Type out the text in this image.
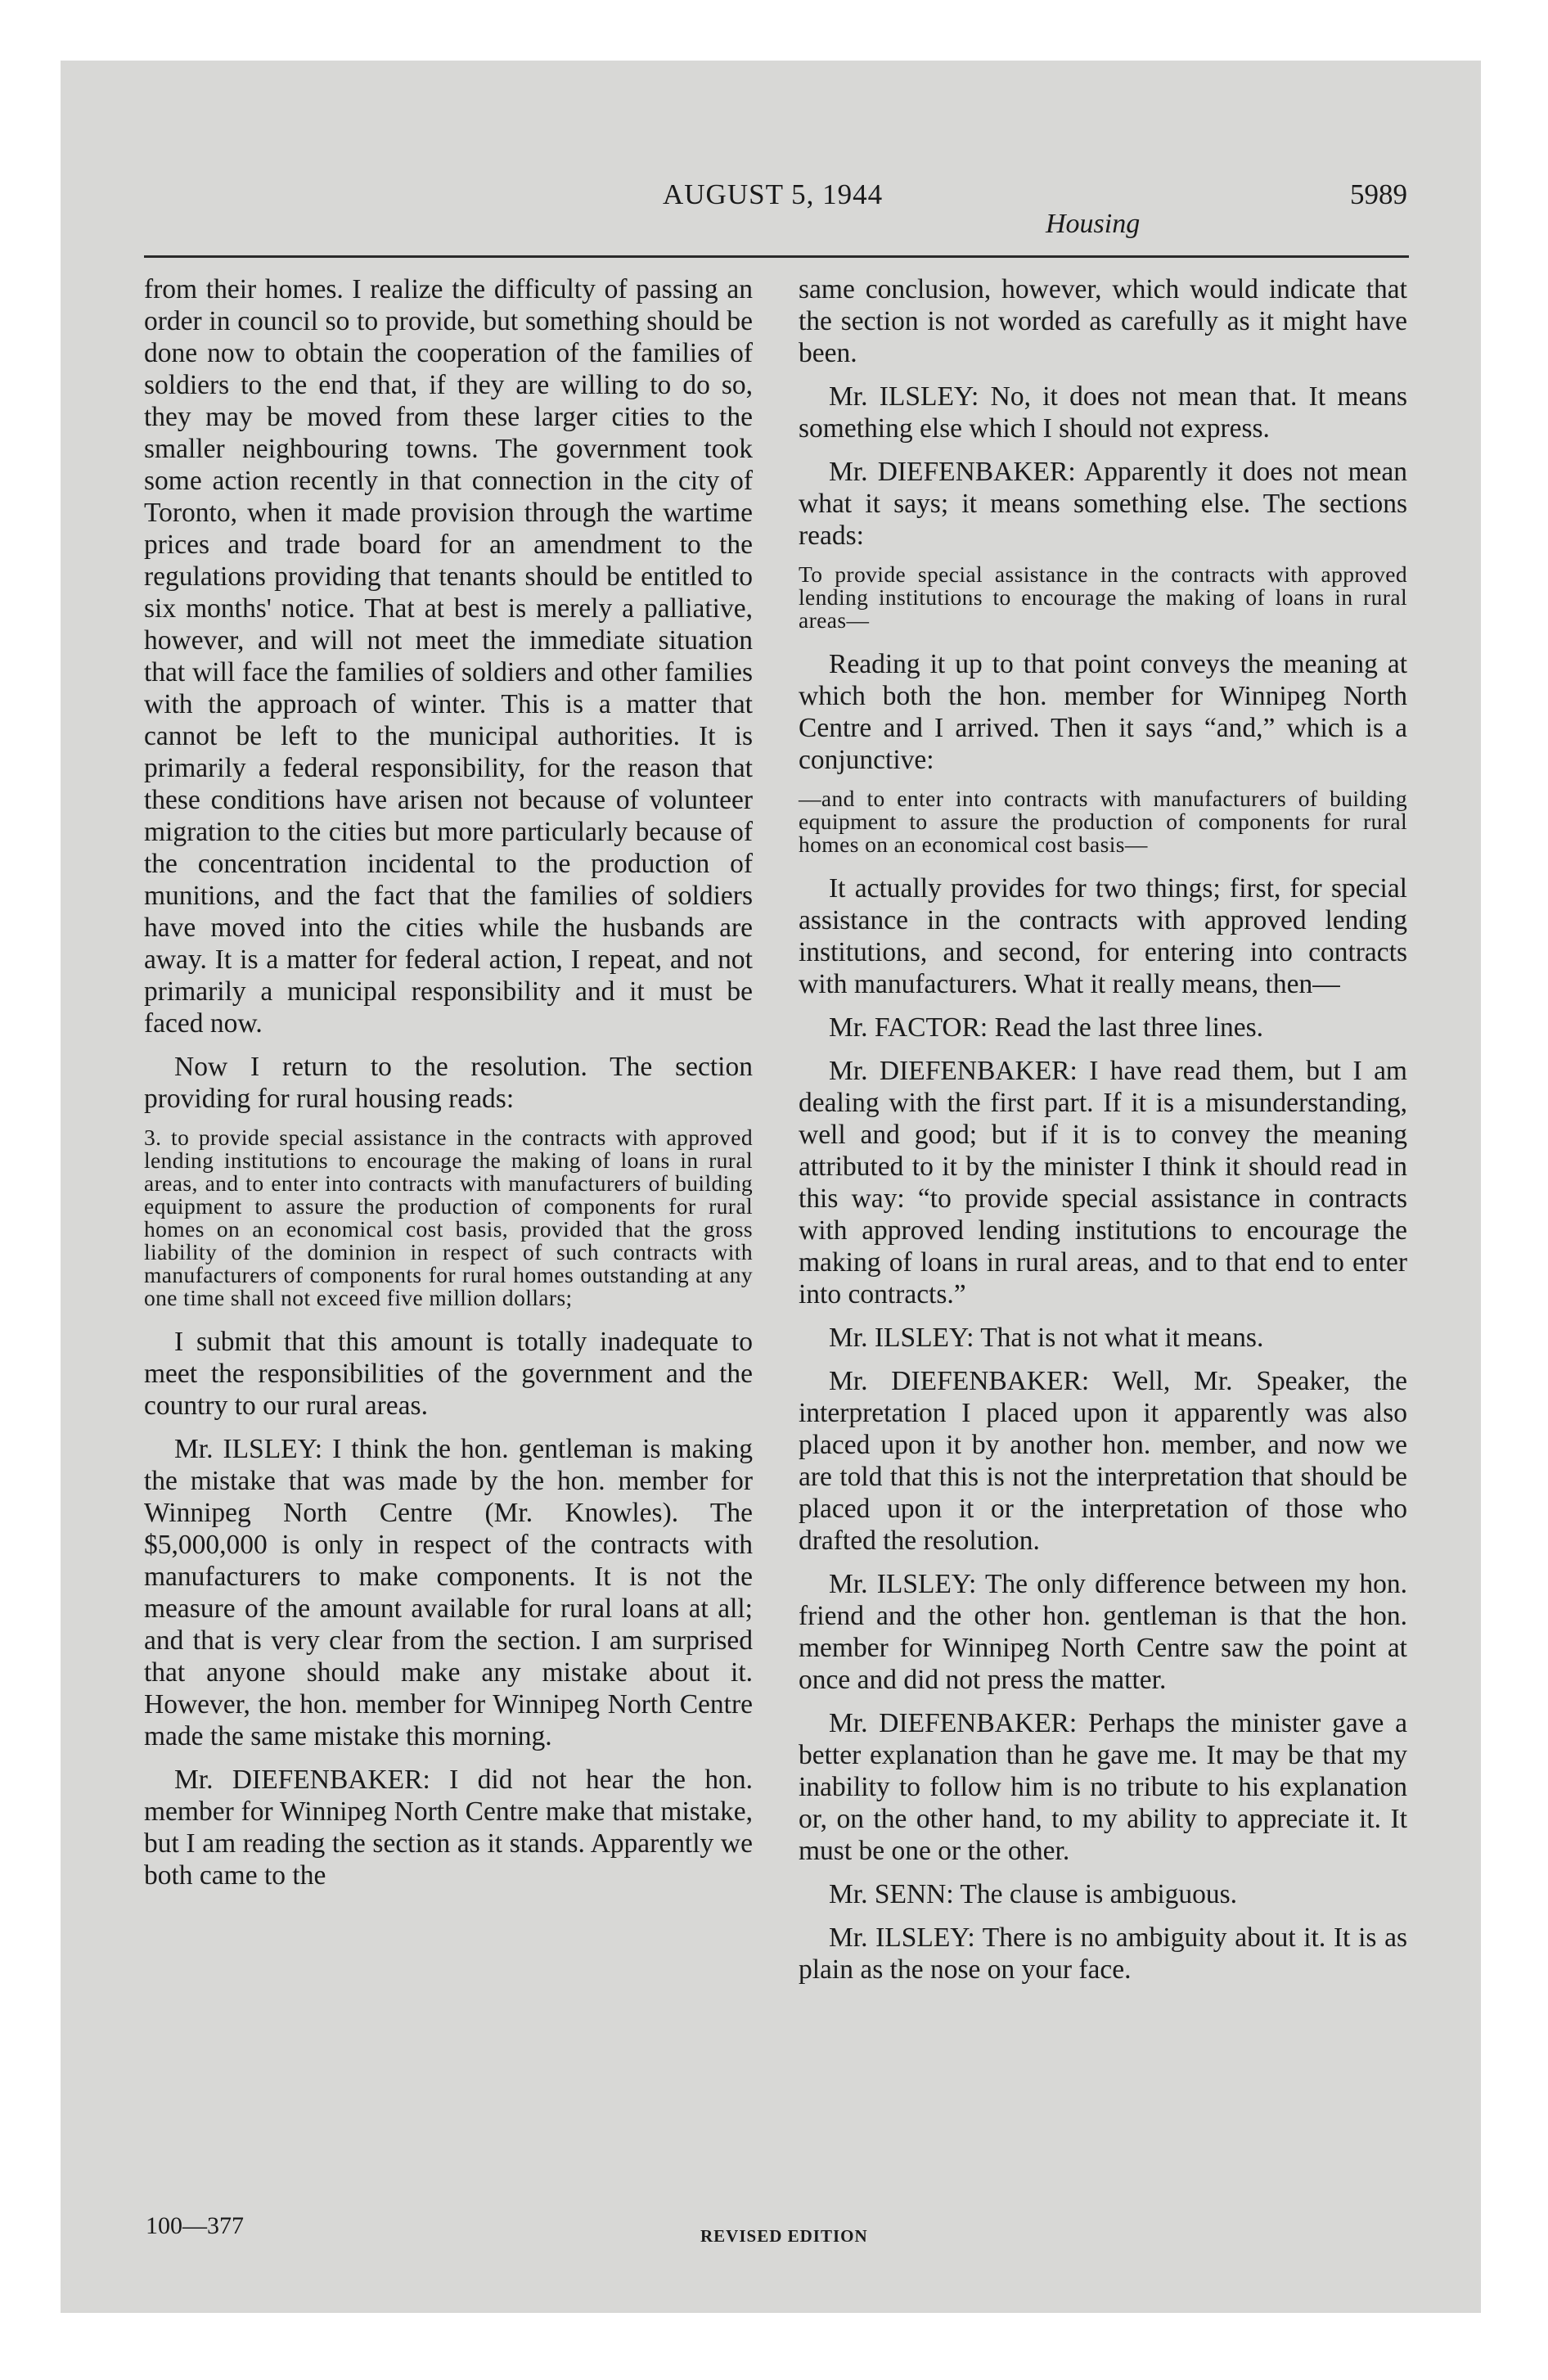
AUGUST 5, 1944
Housing
5989

from their homes. I realize the difficulty of passing an order in council so to provide, but something should be done now to obtain the cooperation of the families of soldiers to the end that, if they are willing to do so, they may be moved from these larger cities to the smaller neighbouring towns. The government took some action recently in that connection in the city of Toronto, when it made provision through the wartime prices and trade board for an amendment to the regulations providing that tenants should be entitled to six months' notice. That at best is merely a palliative, however, and will not meet the immediate situation that will face the families of soldiers and other families with the approach of winter. This is a matter that cannot be left to the municipal authorities. It is primarily a federal responsibility, for the reason that these conditions have arisen not because of volunteer migration to the cities but more particularly because of the concentration incidental to the production of munitions, and the fact that the families of soldiers have moved into the cities while the husbands are away. It is a matter for federal action, I repeat, and not primarily a municipal responsibility and it must be faced now.

Now I return to the resolution. The section providing for rural housing reads:

3. to provide special assistance in the contracts with approved lending institutions to encourage the making of loans in rural areas, and to enter into contracts with manufacturers of building equipment to assure the production of components for rural homes on an economical cost basis, provided that the gross liability of the dominion in respect of such contracts with manufacturers of components for rural homes outstanding at any one time shall not exceed five million dollars;

I submit that this amount is totally inadequate to meet the responsibilities of the government and the country to our rural areas.

Mr. ILSLEY: I think the hon. gentleman is making the mistake that was made by the hon. member for Winnipeg North Centre (Mr. Knowles). The $5,000,000 is only in respect of the contracts with manufacturers to make components. It is not the measure of the amount available for rural loans at all; and that is very clear from the section. I am surprised that anyone should make any mistake about it. However, the hon. member for Winnipeg North Centre made the same mistake this morning.

Mr. DIEFENBAKER: I did not hear the hon. member for Winnipeg North Centre make that mistake, but I am reading the section as it stands. Apparently we both came to the

same conclusion, however, which would indicate that the section is not worded as carefully as it might have been.

Mr. ILSLEY: No, it does not mean that. It means something else which I should not express.

Mr. DIEFENBAKER: Apparently it does not mean what it says; it means something else. The sections reads:

To provide special assistance in the contracts with approved lending institutions to encourage the making of loans in rural areas—

Reading it up to that point conveys the meaning at which both the hon. member for Winnipeg North Centre and I arrived. Then it says “and,” which is a conjunctive:

—and to enter into contracts with manufacturers of building equipment to assure the production of components for rural homes on an economical cost basis—

It actually provides for two things; first, for special assistance in the contracts with approved lending institutions, and second, for entering into contracts with manufacturers. What it really means, then—

Mr. FACTOR: Read the last three lines.

Mr. DIEFENBAKER: I have read them, but I am dealing with the first part. If it is a misunderstanding, well and good; but if it is to convey the meaning attributed to it by the minister I think it should read in this way: “to provide special assistance in contracts with approved lending institutions to encourage the making of loans in rural areas, and to that end to enter into contracts.”

Mr. ILSLEY: That is not what it means.

Mr. DIEFENBAKER: Well, Mr. Speaker, the interpretation I placed upon it apparently was also placed upon it by another hon. member, and now we are told that this is not the interpretation that should be placed upon it or the interpretation of those who drafted the resolution.

Mr. ILSLEY: The only difference between my hon. friend and the other hon. gentleman is that the hon. member for Winnipeg North Centre saw the point at once and did not press the matter.

Mr. DIEFENBAKER: Perhaps the minister gave a better explanation than he gave me. It may be that my inability to follow him is no tribute to his explanation or, on the other hand, to my ability to appreciate it. It must be one or the other.

Mr. SENN: The clause is ambiguous.

Mr. ILSLEY: There is no ambiguity about it. It is as plain as the nose on your face.

100—377	REVISED EDITION
